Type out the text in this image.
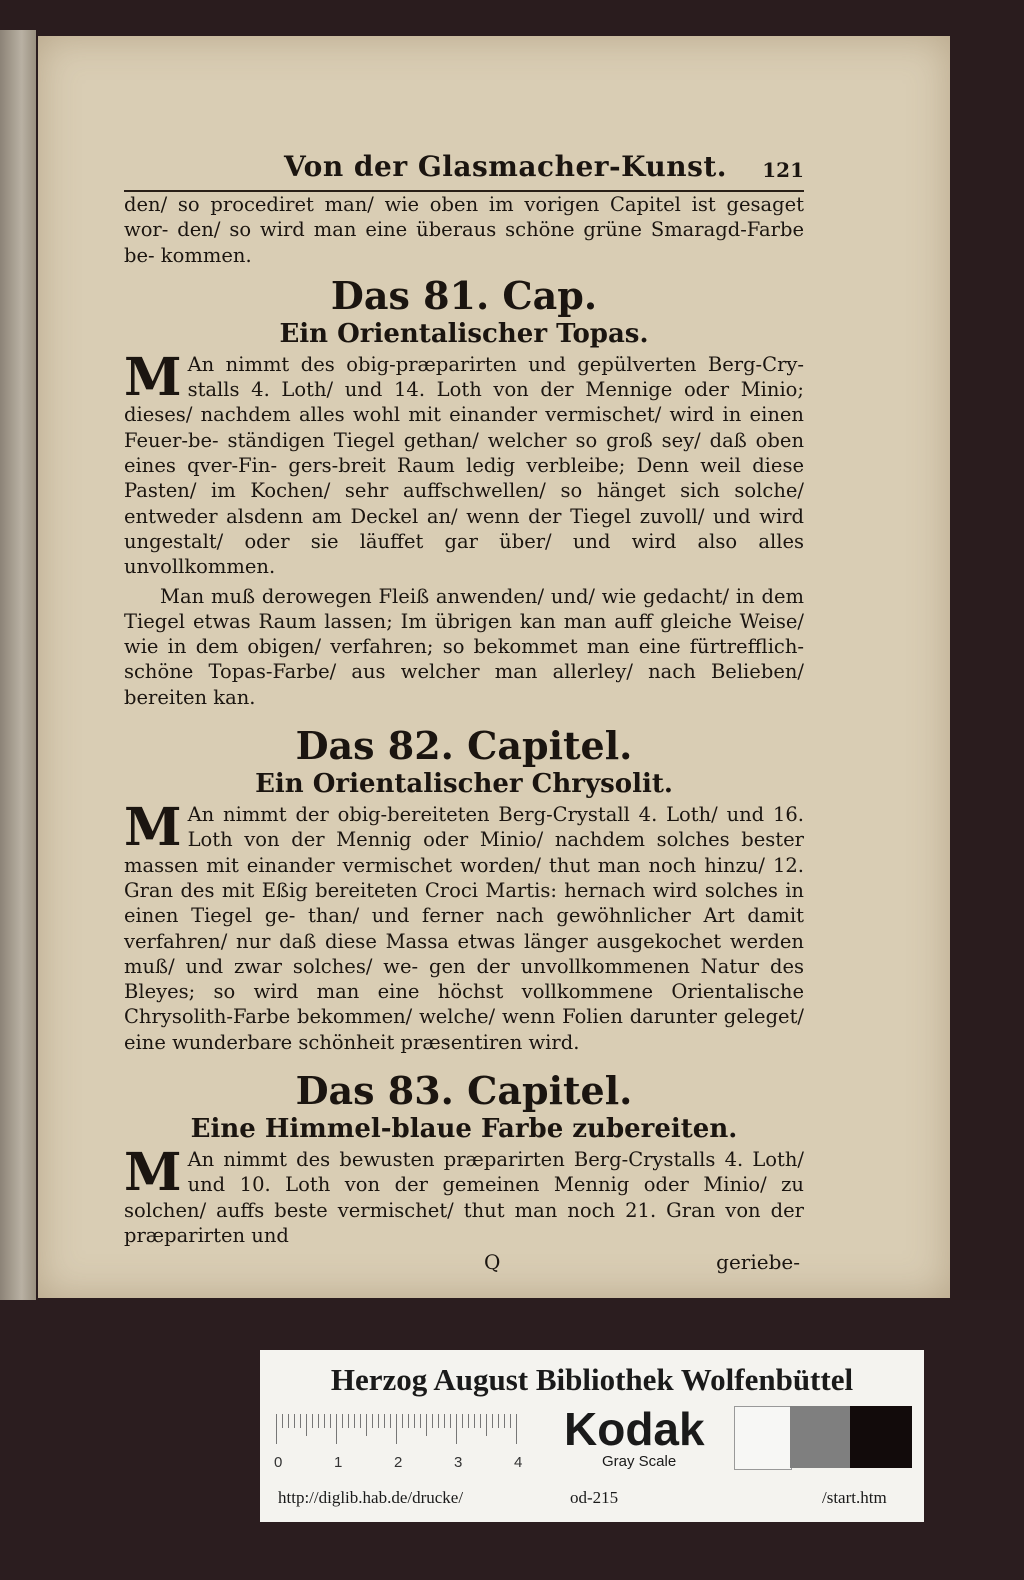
Von der Glasmacher-Kunst. 121

den/ so procediret man/ wie oben im vorigen Capitel ist gesaget wor- den/ so wird man eine überaus schöne grüne Smaragd-Farbe be- kommen.

Das 81. Cap.
Ein Orientalischer Topas.

M An nimmt des obig-præparirten und gepülverten Berg-Cry- stalls 4. Loth/ und 14. Loth von der Mennige oder Minio; dieses/ nachdem alles wohl mit einander vermischet/ wird in einen Feuer-be- ständigen Tiegel gethan/ welcher so groß sey/ daß oben eines qver-Fin- gers-breit Raum ledig verbleibe; Denn weil diese Pasten/ im Kochen/ sehr auffschwellen/ so hänget sich solche/ entweder alsdenn am Deckel an/ wenn der Tiegel zuvoll/ und wird ungestalt/ oder sie läuffet gar über/ und wird also alles unvollkommen.

Man muß derowegen Fleiß anwenden/ und/ wie gedacht/ in dem Tiegel etwas Raum lassen; Im übrigen kan man auff gleiche Weise/ wie in dem obigen/ verfahren; so bekommet man eine fürtrefflich-schöne Topas-Farbe/ aus welcher man allerley/ nach Belieben/ bereiten kan.

Das 82. Capitel.
Ein Orientalischer Chrysolit.

M An nimmt der obig-bereiteten Berg-Crystall 4. Loth/ und 16. Loth von der Mennig oder Minio/ nachdem solches bester massen mit einander vermischet worden/ thut man noch hinzu/ 12. Gran des mit Eßig bereiteten Croci Martis: hernach wird solches in einen Tiegel ge- than/ und ferner nach gewöhnlicher Art damit verfahren/ nur daß diese Massa etwas länger ausgekochet werden muß/ und zwar solches/ we- gen der unvollkommenen Natur des Bleyes; so wird man eine höchst vollkommene Orientalische Chrysolith-Farbe bekommen/ welche/ wenn Folien darunter geleget/ eine wunderbare schönheit præsentiren wird.

Das 83. Capitel.
Eine Himmel-blaue Farbe zubereiten.

M An nimmt des bewusten præparirten Berg-Crystalls 4. Loth/ und 10. Loth von der gemeinen Mennig oder Minio/ zu solchen/ auffs beste vermischet/ thut man noch 21. Gran von der præparirten und

Q	geriebe-
Herzog August Bibliothek Wolfenbüttel
0	1	2	3	4
Kodak
Gray Scale
http://diglib.hab.de/drucke/	od-215	/start.htm
